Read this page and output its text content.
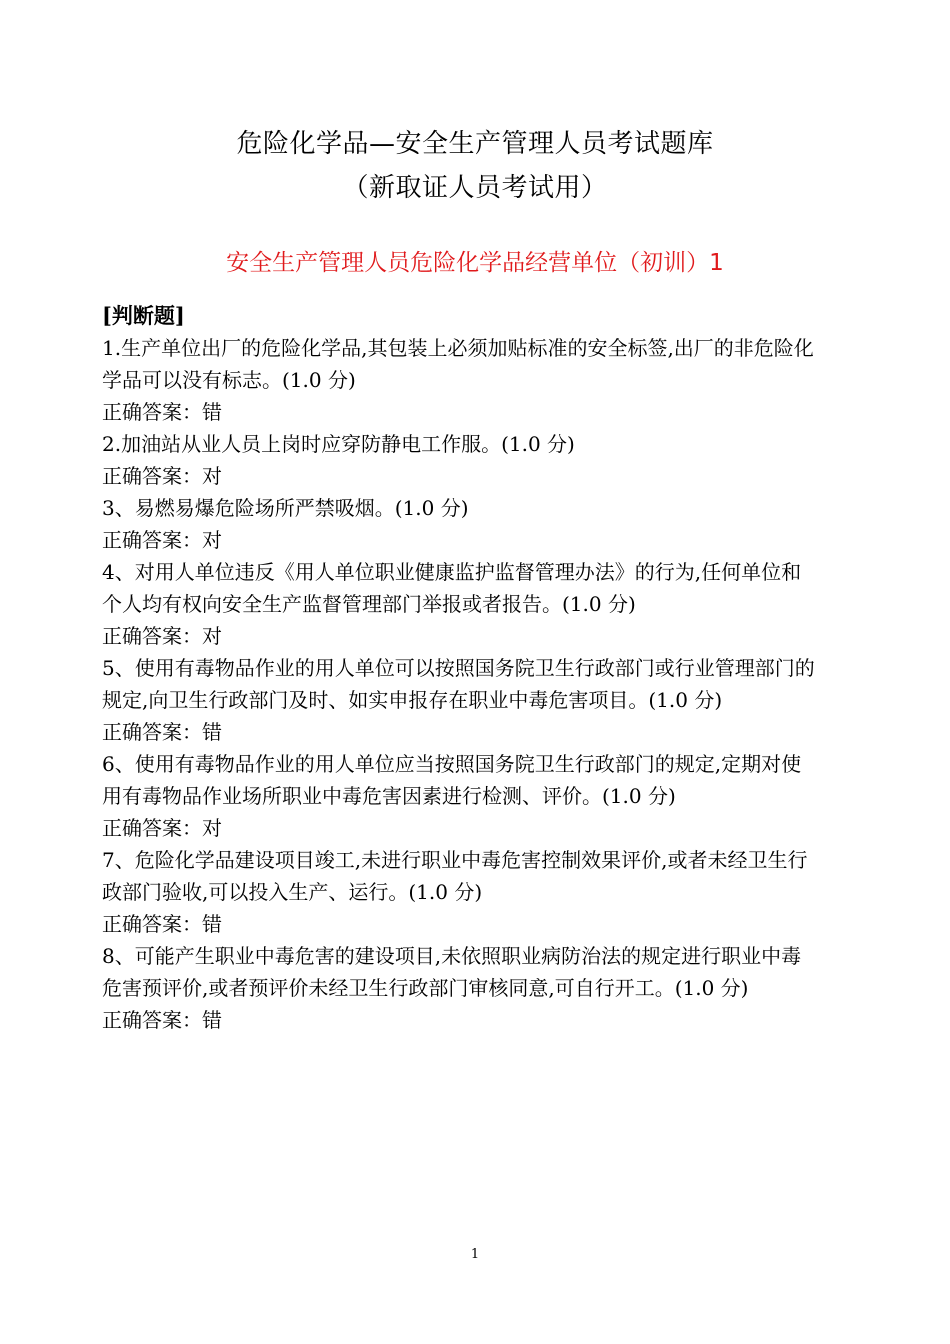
危险化学品—安全生产管理人员考试题库
（新取证人员考试用）
安全生产管理人员危险化学品经营单位（初训）1
[判断题]
1.生产单位出厂的危险化学品,其包装上必须加贴标准的安全标签,出厂的非危险化学品可以没有标志。(1.0 分)
正确答案：错
2.加油站从业人员上岗时应穿防静电工作服。(1.0 分)
正确答案：对
3、易燃易爆危险场所严禁吸烟。(1.0 分)
正确答案：对
4、对用人单位违反《用人单位职业健康监护监督管理办法》的行为,任何单位和个人均有权向安全生产监督管理部门举报或者报告。(1.0 分)
正确答案：对
5、使用有毒物品作业的用人单位可以按照国务院卫生行政部门或行业管理部门的规定,向卫生行政部门及时、如实申报存在职业中毒危害项目。(1.0 分)
正确答案：错
6、使用有毒物品作业的用人单位应当按照国务院卫生行政部门的规定,定期对使用有毒物品作业场所职业中毒危害因素进行检测、评价。(1.0 分)
正确答案：对
7、危险化学品建设项目竣工,未进行职业中毒危害控制效果评价,或者未经卫生行政部门验收,可以投入生产、运行。(1.0 分)
正确答案：错
8、可能产生职业中毒危害的建设项目,未依照职业病防治法的规定进行职业中毒危害预评价,或者预评价未经卫生行政部门审核同意,可自行开工。(1.0 分)
正确答案：错
1
